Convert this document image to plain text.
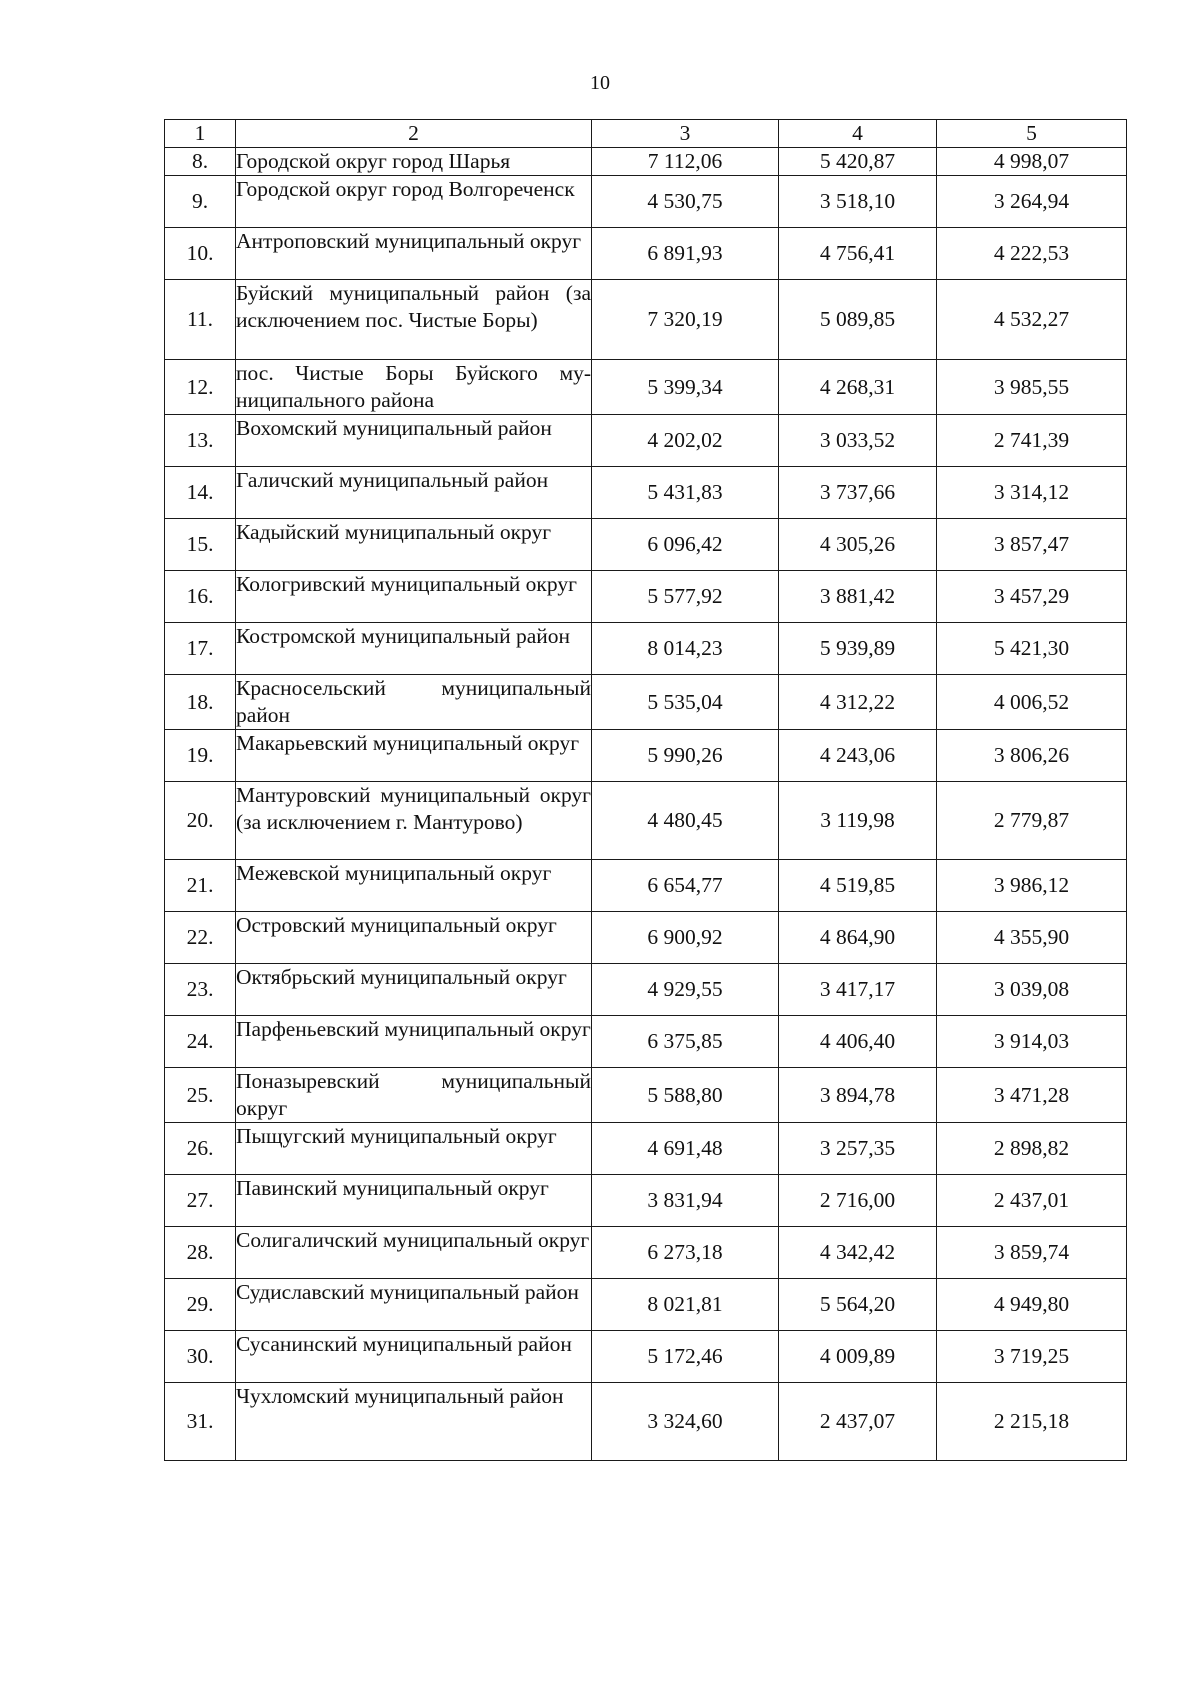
10
1	2	3	4	5
8.	Городской округ город Шарья	7 112,06	5 420,87	4 998,07
9.	Городской округ город Волгореченск	4 530,75	3 518,10	3 264,94
10.	Антроповский муниципальный округ	6 891,93	4 756,41	4 222,53
11.	Буйский муниципальный район (за исключением пос. Чистые Боры)	7 320,19	5 089,85	4 532,27
12.	пос. Чистые Боры Буйского муниципального района	5 399,34	4 268,31	3 985,55
13.	Вохомский муниципальный район	4 202,02	3 033,52	2 741,39
14.	Галичский муниципальный район	5 431,83	3 737,66	3 314,12
15.	Кадыйский муниципальный округ	6 096,42	4 305,26	3 857,47
16.	Кологривский муниципальный округ	5 577,92	3 881,42	3 457,29
17.	Костромской муниципальный район	8 014,23	5 939,89	5 421,30
18.	Красносельский муниципальный район	5 535,04	4 312,22	4 006,52
19.	Макарьевский муниципальный округ	5 990,26	4 243,06	3 806,26
20.	Мантуровский муниципальный округ (за исключением г. Мантурово)	4 480,45	3 119,98	2 779,87
21.	Межевской муниципальный округ	6 654,77	4 519,85	3 986,12
22.	Островский муниципальный округ	6 900,92	4 864,90	4 355,90
23.	Октябрьский муниципальный округ	4 929,55	3 417,17	3 039,08
24.	Парфеньевский муниципальный округ	6 375,85	4 406,40	3 914,03
25.	Поназыревский муниципальный округ	5 588,80	3 894,78	3 471,28
26.	Пыщугский муниципальный округ	4 691,48	3 257,35	2 898,82
27.	Павинский муниципальный округ	3 831,94	2 716,00	2 437,01
28.	Солигаличский муниципальный округ	6 273,18	4 342,42	3 859,74
29.	Судиславский муниципальный район	8 021,81	5 564,20	4 949,80
30.	Сусанинский муниципальный район	5 172,46	4 009,89	3 719,25
31.	Чухломский муниципальный район	3 324,60	2 437,07	2 215,18
